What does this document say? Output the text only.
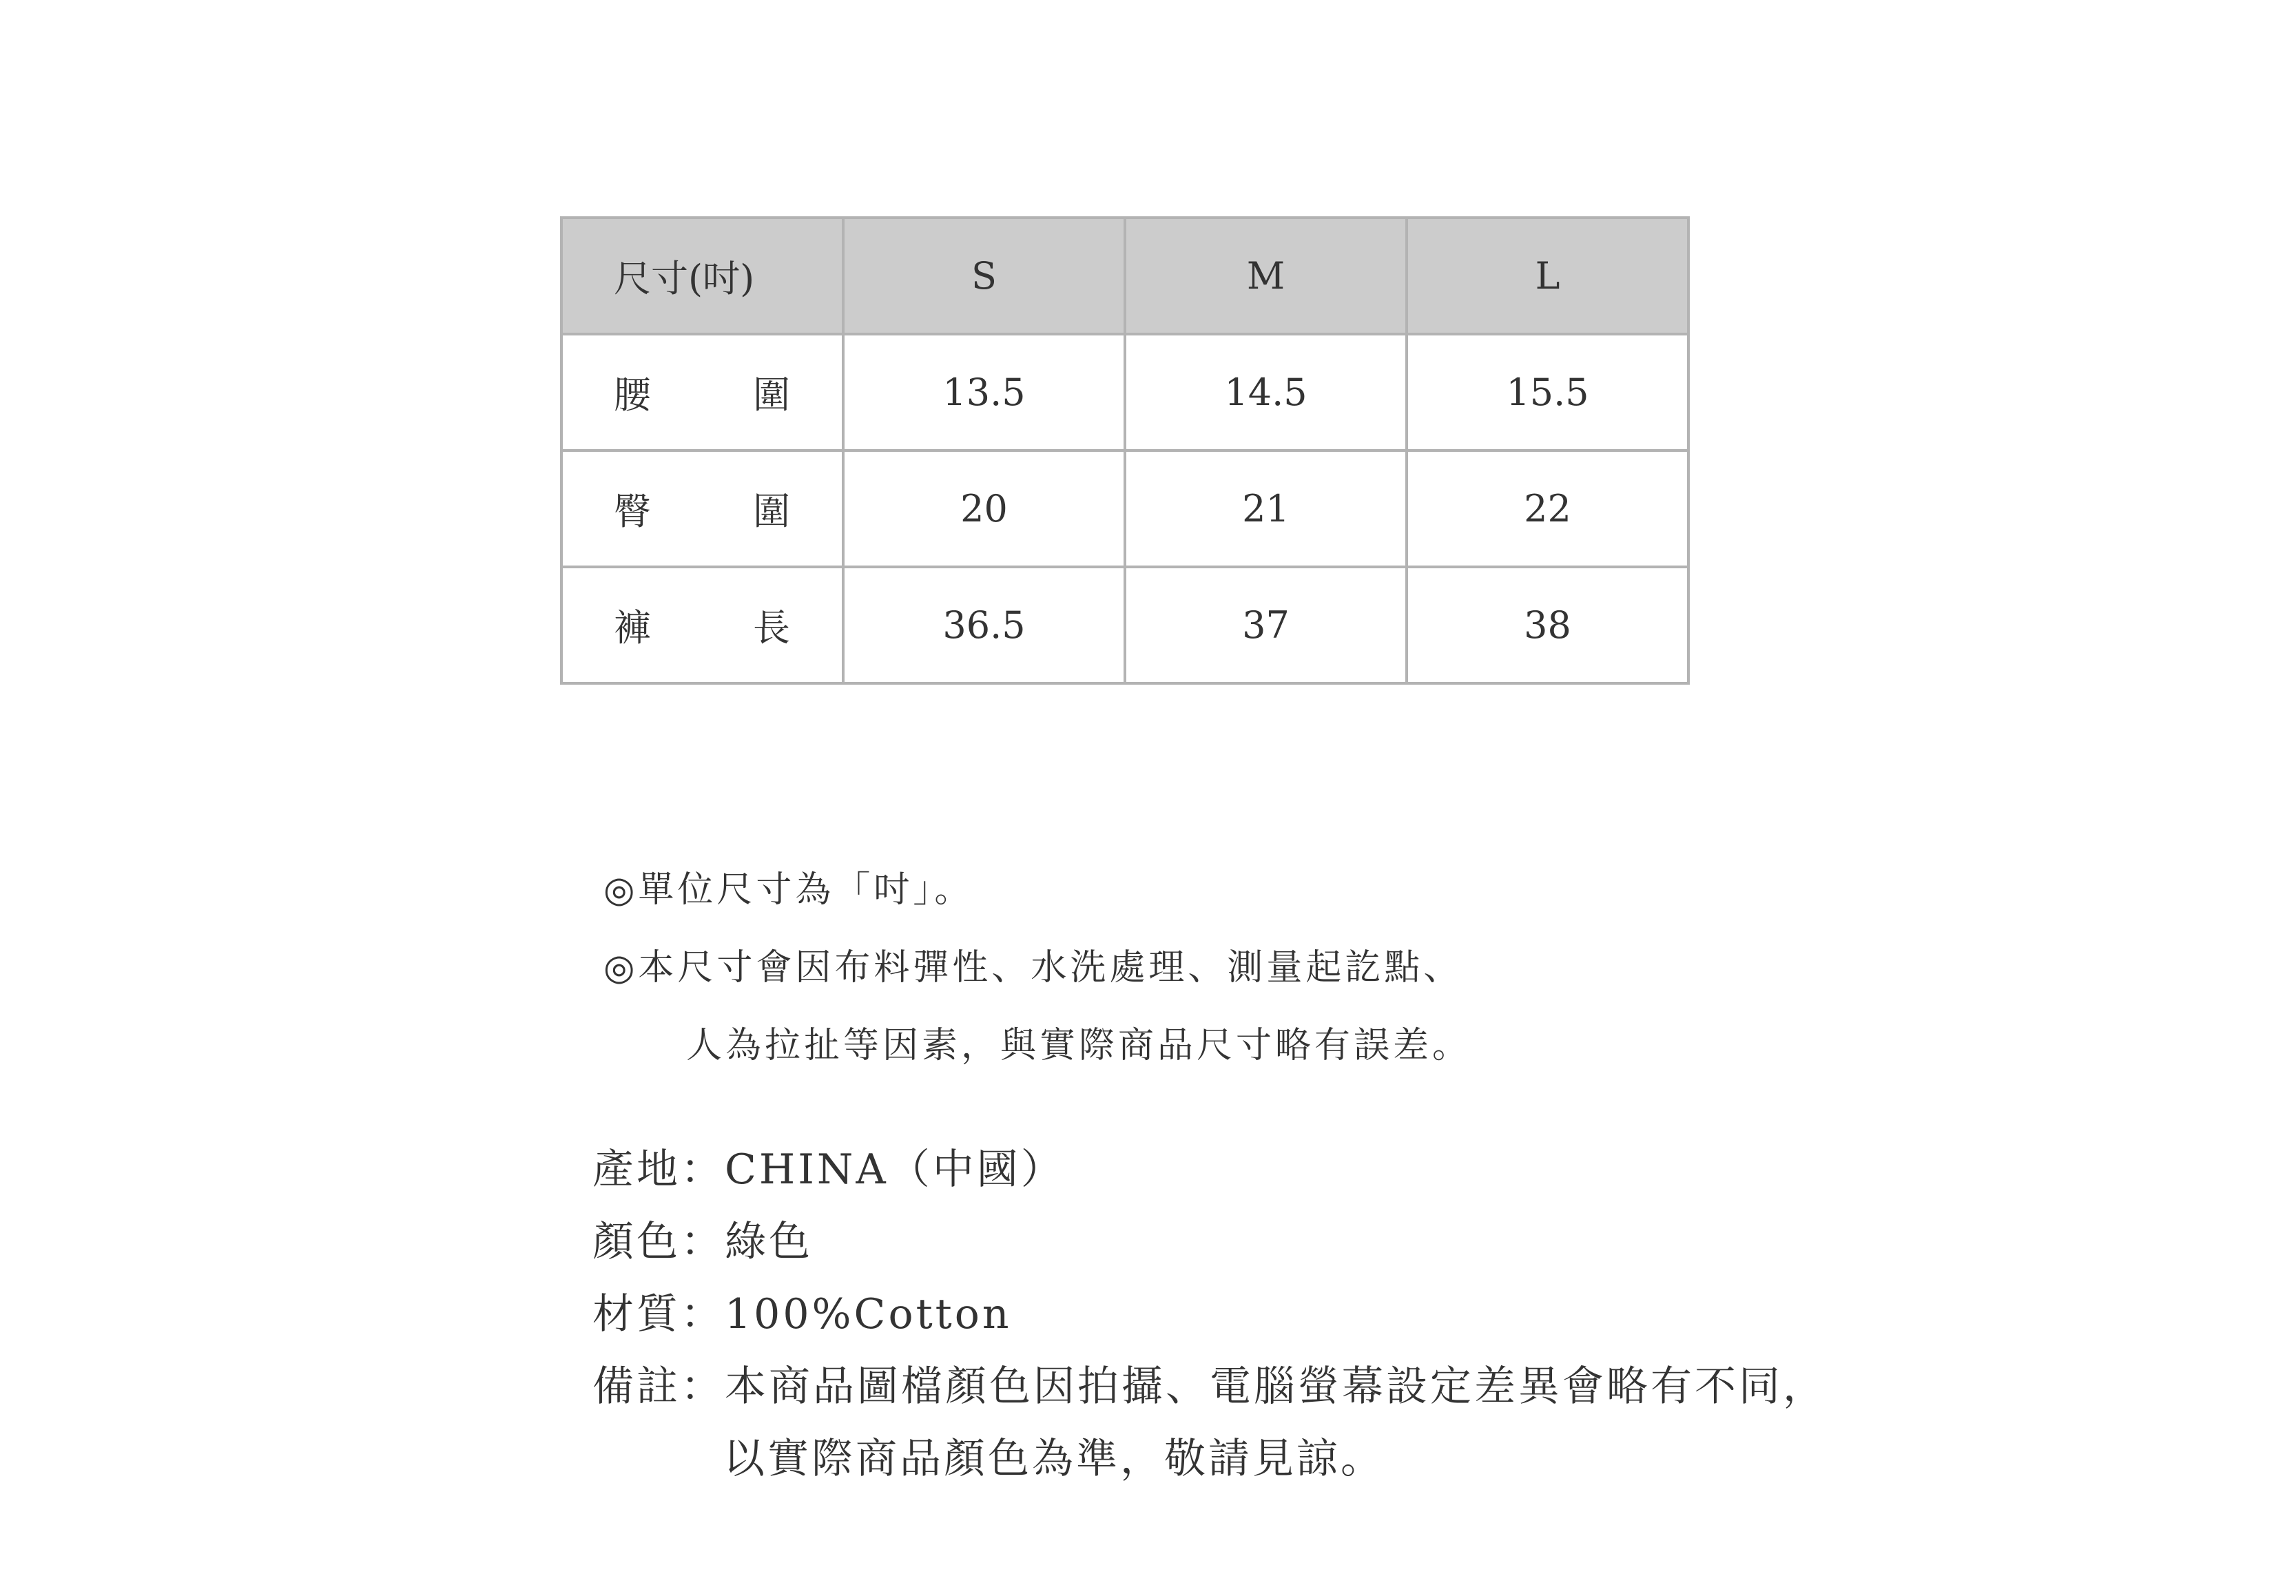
尺寸(吋)	S	M	L

腰 圍	13.5	14.5	15.5

臀 圍	20	21	22

褲 長	36.5	37	38
◎單位尺寸為「吋」。
◎本尺寸會因布料彈性、水洗處理、測量起訖點、
人為拉扯等因素，與實際商品尺寸略有誤差。
產地：CHINA（中國）
顏色：綠色
材質：100%Cotton
備註：本商品圖檔顏色因拍攝、電腦螢幕設定差異會略有不同，
以實際商品顏色為準，敬請見諒。
